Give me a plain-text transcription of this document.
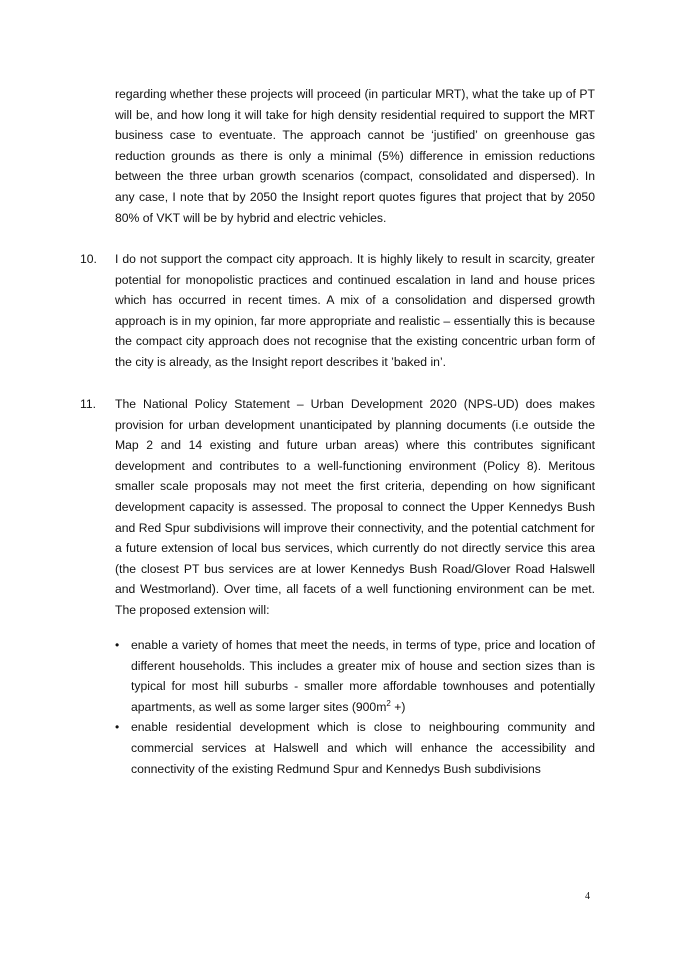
regarding whether these projects will proceed (in particular MRT), what the take up of PT will be, and how long it will take for high density residential required to support the MRT business case to eventuate. The approach cannot be ‘justified’ on greenhouse gas reduction grounds as there is only a minimal (5%) difference in emission reductions between the three urban growth scenarios (compact, consolidated and dispersed). In any case, I note that by 2050 the Insight report quotes figures that project that by 2050 80% of VKT will be by hybrid and electric vehicles.

10. I do not support the compact city approach. It is highly likely to result in scarcity, greater potential for monopolistic practices and continued escalation in land and house prices which has occurred in recent times. A mix of a consolidation and dispersed growth approach is in my opinion, far more appropriate and realistic – essentially this is because the compact city approach does not recognise that the existing concentric urban form of the city is already, as the Insight report describes it ’baked in’.

11. The National Policy Statement – Urban Development 2020 (NPS-UD) does makes provision for urban development unanticipated by planning documents (i.e outside the Map 2 and 14 existing and future urban areas) where this contributes significant development and contributes to a well-functioning environment (Policy 8). Meritous smaller scale proposals may not meet the first criteria, depending on how significant development capacity is assessed. The proposal to connect the Upper Kennedys Bush and Red Spur subdivisions will improve their connectivity, and the potential catchment for a future extension of local bus services, which currently do not directly service this area (the closest PT bus services are at lower Kennedys Bush Road/Glover Road Halswell and Westmorland). Over time, all facets of a well functioning environment can be met. The proposed extension will:

• enable a variety of homes that meet the needs, in terms of type, price and location of different households. This includes a greater mix of house and section sizes than is typical for most hill suburbs - smaller more affordable townhouses and potentially apartments, as well as some larger sites ($900m^2$ +)
• enable residential development which is close to neighbouring community and commercial services at Halswell and which will enhance the accessibility and connectivity of the existing Redmund Spur and Kennedys Bush subdivisions
4
